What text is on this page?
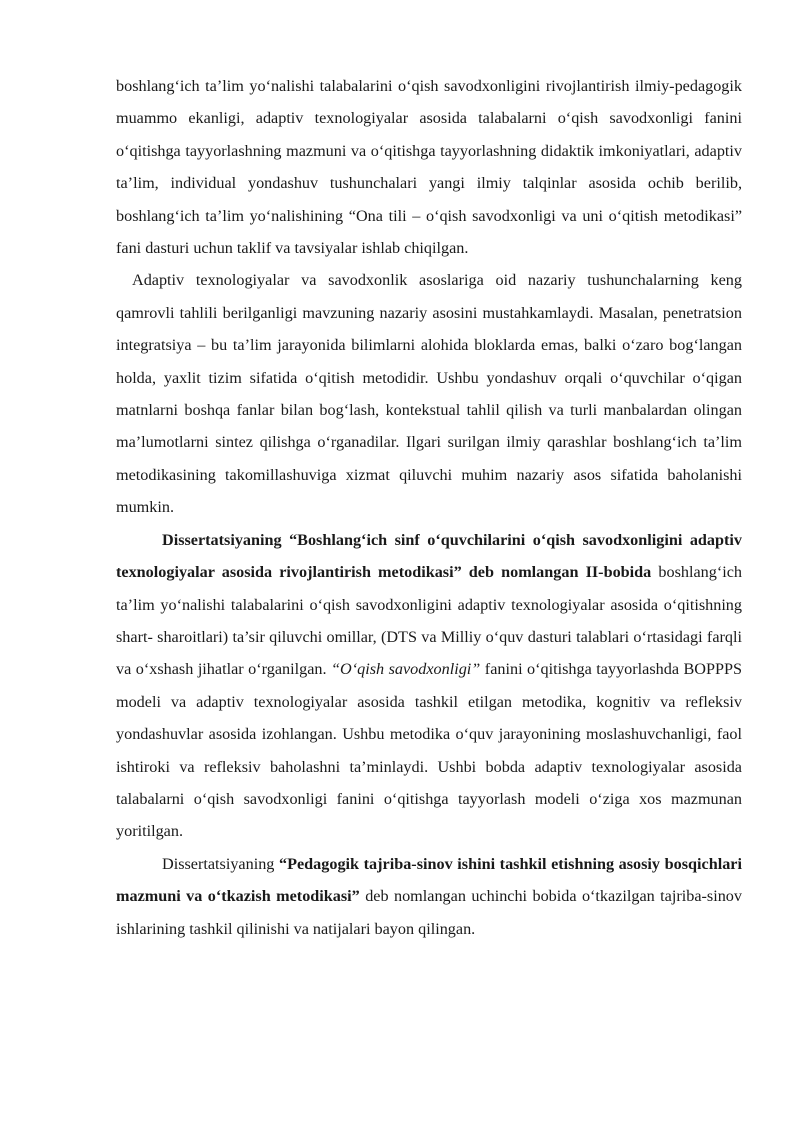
boshlang‘ich ta’lim yo‘nalishi talabalarini o‘qish savodxonligini rivojlantirish ilmiy-pedagogik muammo ekanligi, adaptiv texnologiyalar asosida talabalarni o‘qish savodxonligi fanini o‘qitishga tayyorlashning mazmuni va o‘qitishga tayyorlashning didaktik imkoniyatlari, adaptiv ta’lim, individual yondashuv tushunchalari yangi ilmiy talqinlar asosida ochib berilib, boshlang‘ich ta’lim yo‘nalishining “Ona tili – o‘qish savodxonligi va uni o‘qitish metodikasi” fani dasturi uchun taklif va tavsiyalar ishlab chiqilgan.

Adaptiv texnologiyalar va savodxonlik asoslariga oid nazariy tushunchalarning keng qamrovli tahlili berilganligi mavzuning nazariy asosini mustahkamlaydi. Masalan, penetratsion integratsiya – bu ta’lim jarayonida bilimlarni alohida bloklarda emas, balki o‘zaro bog‘langan holda, yaxlit tizim sifatida o‘qitish metodidir. Ushbu yondashuv orqali o‘quvchilar o‘qigan matnlarni boshqa fanlar bilan bog‘lash, kontekstual tahlil qilish va turli manbalardan olingan ma’lumotlarni sintez qilishga o‘rganadilar. Ilgari surilgan ilmiy qarashlar boshlang‘ich ta’lim metodikasining takomillashuviga xizmat qiluvchi muhim nazariy asos sifatida baholanishi mumkin.

Dissertatsiyaning “Boshlang‘ich sinf o‘quvchilarini o‘qish savodxonligini adaptiv texnologiyalar asosida rivojlantirish metodikasi” deb nomlangan II-bobida boshlang‘ich ta’lim yo‘nalishi talabalarini o‘qish savodxonligini adaptiv texnologiyalar asosida o‘qitishning shart- sharoitlari) ta’sir qiluvchi omillar, (DTS va Milliy o‘quv dasturi talablari o‘rtasidagi farqli va o‘xshash jihatlar o‘rganilgan. “O‘qish savodxonligi” fanini o‘qitishga tayyorlashda BOPPPS modeli va adaptiv texnologiyalar asosida tashkil etilgan metodika, kognitiv va refleksiv yondashuvlar asosida izohlangan. Ushbu metodika o‘quv jarayonining moslashuvchanligi, faol ishtiroki va refleksiv baholashni ta’minlaydi. Ushbi bobda adaptiv texnologiyalar asosida talabalarni o‘qish savodxonligi fanini o‘qitishga tayyorlash modeli o‘ziga xos mazmunan yoritilgan.

Dissertatsiyaning “Pedagogik tajriba-sinov ishini tashkil etishning asosiy bosqichlari mazmuni va o‘tkazish metodikasi” deb nomlangan uchinchi bobida o‘tkazilgan tajriba-sinov ishlarining tashkil qilinishi va natijalari bayon qilingan.
